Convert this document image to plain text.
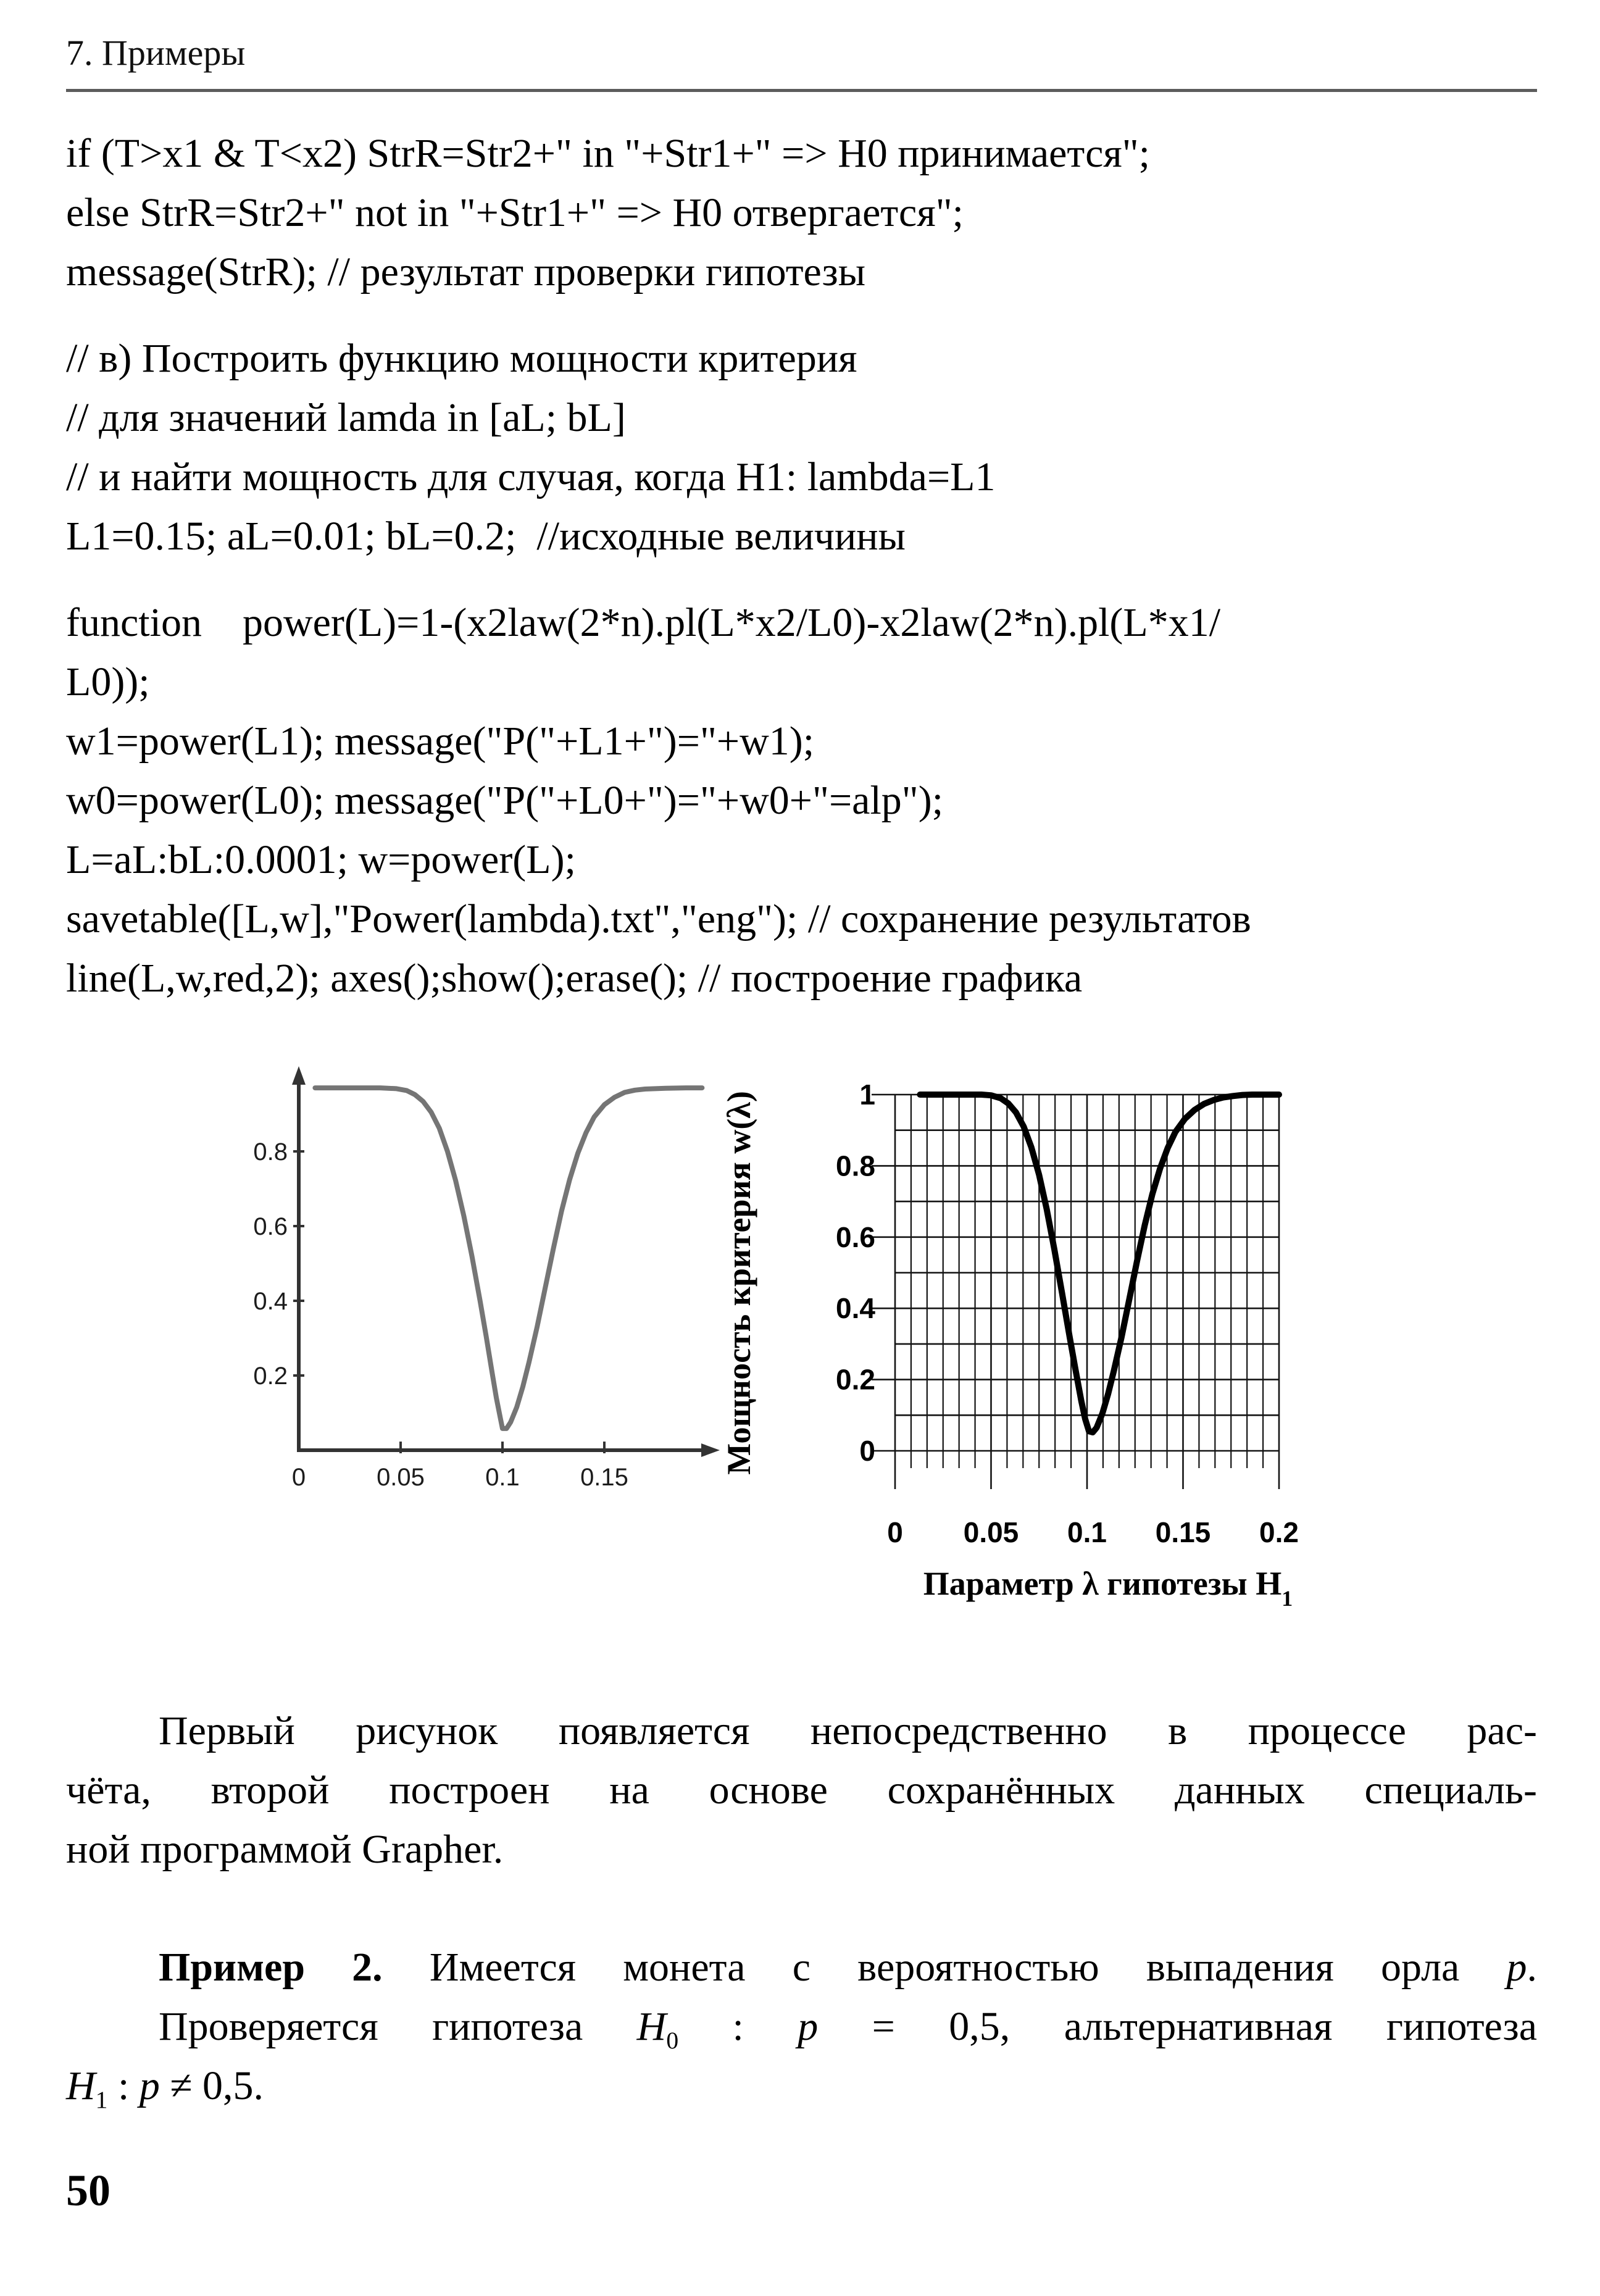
7. Примеры
if (T>x1 & T<x2) StrR=Str2+" in "+Str1+" => H0 принимается";
else StrR=Str2+" not in "+Str1+" => H0 отвергается";
message(StrR); // результат проверки гипотезы
// в) Построить функцию мощности критерия
// для значений lamda in [aL; bL]
// и найти мощность для случая, когда H1: lambda=L1
L1=0.15; aL=0.01; bL=0.2;  //исходные величины
function    power(L)=1-(x2law(2*n).pl(L*x2/L0)-x2law(2*n).pl(L*x1/
L0));
w1=power(L1); message("P("+L1+")="+w1);
w0=power(L0); message("P("+L0+")="+w0+"=alp");
L=aL:bL:0.0001; w=power(L);
savetable([L,w],"Power(lambda).txt","eng"); // сохранение результатов
line(L,w,red,2); axes();show();erase(); // построение графика
0.2
0.4
0.6
0.8
0	0.05 0.1 0.15
0
0.2
0.4
0.6
0.8
1
0 0.05 0.1 0.15 0.2
Мощность критерия w(λ)
Параметр λ гипотезы $H_1$
Первый рисунок появляется непосредственно в процессе рас-
чёта, второй построен на основе сохранённых данных специаль-
ной программой Grapher.
Пример 2. Имеется монета с вероятностью выпадения орла p.
Проверяется гипотеза $H_0$ : p = 0,5, альтернативная гипотеза
$H_1$ : p ≠ 0,5.
50
